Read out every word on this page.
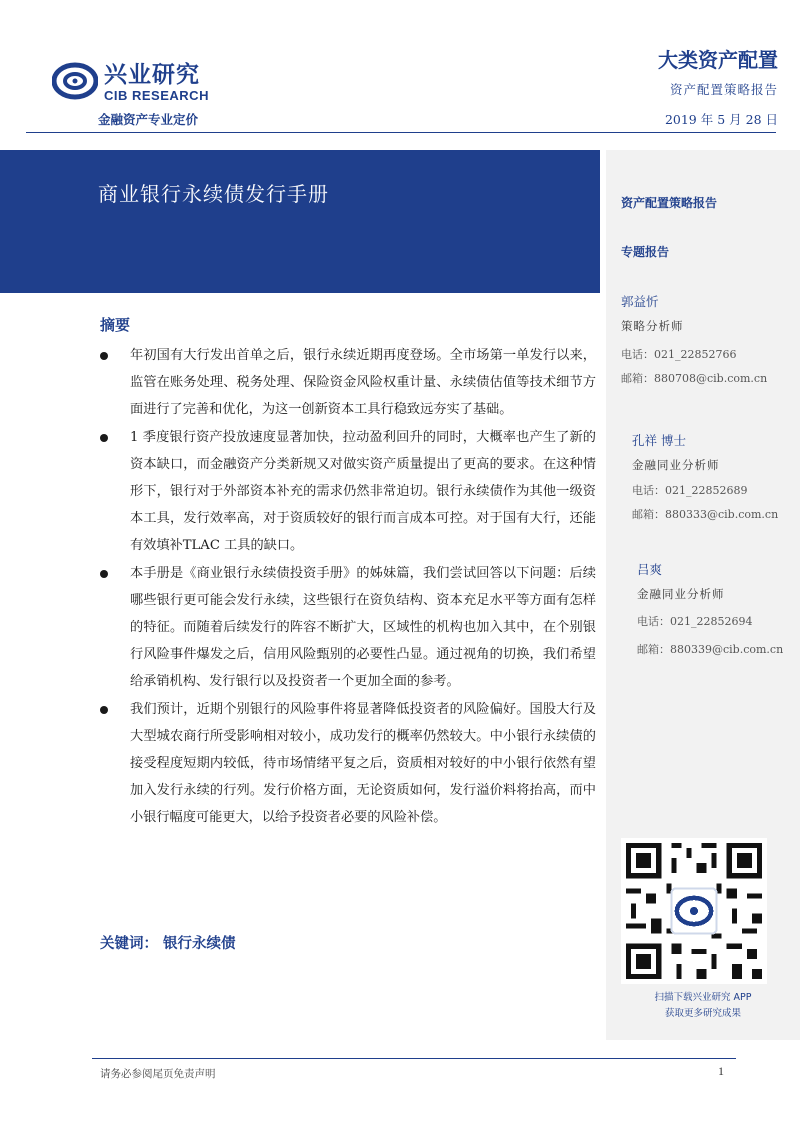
兴业研究
CIB RESEARCH
金融资产专业定价
大类资产配置
资产配置策略报告
2019 年 5 月 28 日
商业银行永续债发行手册	资产配置策略报告
专题报告
郭益忻
策略分析师
电话：021_22852766
邮箱：880708@cib.com.cn
孔祥 博士
金融同业分析师
电话：021_22852689
邮箱：880333@cib.com.cn
吕爽
金融同业分析师
电话：021_22852694
邮箱：880339@cib.com.cn
扫描下载兴业研究 APP
获取更多研究成果
摘要
年初国有大行发出首单之后，银行永续近期再度登场。全市场第一单发行以来，监管在账务处理、税务处理、保险资金风险权重计量、永续债估值等技术细节方面进行了完善和优化，为这一创新资本工具行稳致远夯实了基础。
1 季度银行资产投放速度显著加快，拉动盈利回升的同时，大概率也产生了新的资本缺口，而金融资产分类新规又对做实资产质量提出了更高的要求。在这种情形下，银行对于外部资本补充的需求仍然非常迫切。银行永续债作为其他一级资本工具，发行效率高，对于资质较好的银行而言成本可控。对于国有大行，还能有效填补TLAC 工具的缺口。
本手册是《商业银行永续债投资手册》的姊妹篇，我们尝试回答以下问题：后续哪些银行更可能会发行永续，这些银行在资负结构、资本充足水平等方面有怎样的特征。而随着后续发行的阵容不断扩大，区域性的机构也加入其中，在个别银行风险事件爆发之后，信用风险甄别的必要性凸显。通过视角的切换，我们希望给承销机构、发行银行以及投资者一个更加全面的参考。
我们预计，近期个别银行的风险事件将显著降低投资者的风险偏好。国股大行及大型城农商行所受影响相对较小，成功发行的概率仍然较大。中小银行永续债的接受程度短期内较低，待市场情绪平复之后，资质相对较好的中小银行依然有望加入发行永续的行列。发行价格方面，无论资质如何，发行溢价料将抬高，而中小银行幅度可能更大，以给予投资者必要的风险补偿。
关键词： 银行永续债
请务必参阅尾页免责声明	1
